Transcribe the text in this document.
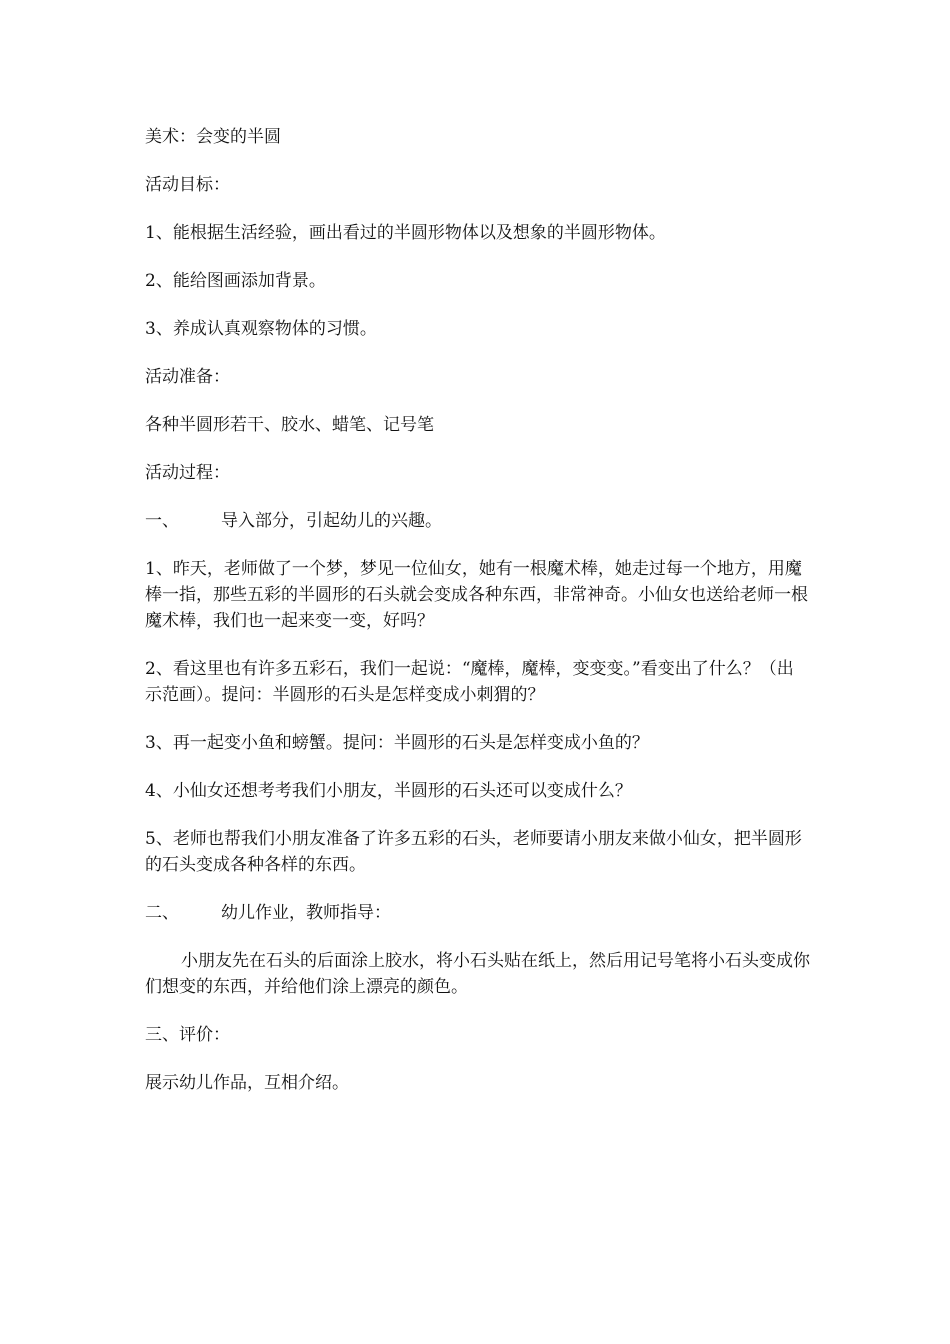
美术：会变的半圆

活动目标：

1、能根据生活经验，画出看过的半圆形物体以及想象的半圆形物体。

2、能给图画添加背景。

3、养成认真观察物体的习惯。

活动准备：

各种半圆形若干、胶水、蜡笔、记号笔

活动过程：

一、	导入部分，引起幼儿的兴趣。

1、昨天，老师做了一个梦，梦见一位仙女，她有一根魔术棒，她走过每一个地方，用魔棒一指，那些五彩的半圆形的石头就会变成各种东西，非常神奇。小仙女也送给老师一根魔术棒，我们也一起来变一变，好吗？

2、看这里也有许多五彩石，我们一起说：“魔棒，魔棒，变变变。”看变出了什么？（出示范画）。提问：半圆形的石头是怎样变成小刺猬的？

3、再一起变小鱼和螃蟹。提问：半圆形的石头是怎样变成小鱼的？

4、小仙女还想考考我们小朋友，半圆形的石头还可以变成什么？

5、老师也帮我们小朋友准备了许多五彩的石头，老师要请小朋友来做小仙女，把半圆形的石头变成各种各样的东西。

二、	幼儿作业，教师指导：

小朋友先在石头的后面涂上胶水，将小石头贴在纸上，然后用记号笔将小石头变成你们想变的东西，并给他们涂上漂亮的颜色。

三、评价：

展示幼儿作品，互相介绍。
